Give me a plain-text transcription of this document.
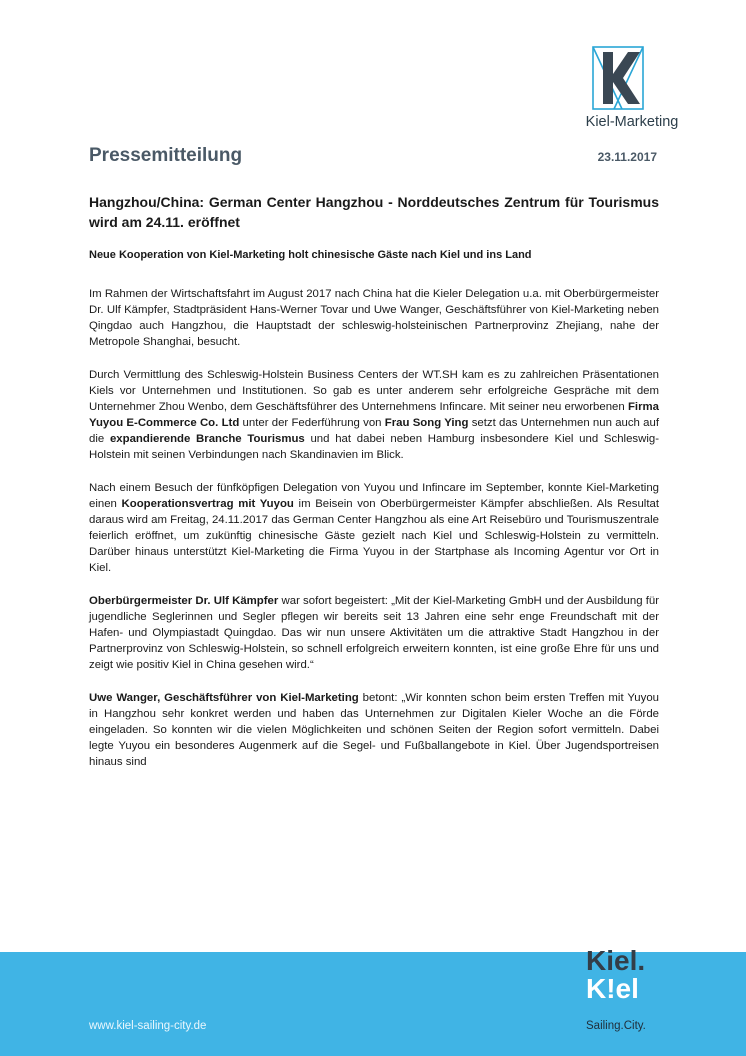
Kiel-Marketing
Pressemitteilung	23.11.2017
Hangzhou/China: German Center Hangzhou - Norddeutsches Zentrum für Tourismus wird am 24.11. eröffnet
Neue Kooperation von Kiel-Marketing holt chinesische Gäste nach Kiel und ins Land

Im Rahmen der Wirtschaftsfahrt im August 2017 nach China hat die Kieler Delegation u.a. mit Oberbürgermeister Dr. Ulf Kämpfer, Stadtpräsident Hans-Werner Tovar und Uwe Wanger, Geschäftsführer von Kiel-Marketing neben Qingdao auch Hangzhou, die Hauptstadt der schleswig-holsteinischen Partnerprovinz Zhejiang, nahe der Metropole Shanghai, besucht.

Durch Vermittlung des Schleswig-Holstein Business Centers der WT.SH kam es zu zahlreichen Präsentationen Kiels vor Unternehmen und Institutionen. So gab es unter anderem sehr erfolgreiche Gespräche mit dem Unternehmer Zhou Wenbo, dem Geschäftsführer des Unternehmens Infincare. Mit seiner neu erworbenen Firma Yuyou E-Commerce Co. Ltd unter der Federführung von Frau Song Ying setzt das Unternehmen nun auch auf die expandierende Branche Tourismus und hat dabei neben Hamburg insbesondere Kiel und Schleswig-Holstein mit seinen Verbindungen nach Skandinavien im Blick.

Nach einem Besuch der fünfköpfigen Delegation von Yuyou und Infincare im September, konnte Kiel-Marketing einen Kooperationsvertrag mit Yuyou im Beisein von Oberbürgermeister Kämpfer abschließen. Als Resultat daraus wird am Freitag, 24.11.2017 das German Center Hangzhou als eine Art Reisebüro und Tourismuszentrale feierlich eröffnet, um zukünftig chinesische Gäste gezielt nach Kiel und Schleswig-Holstein zu vermitteln. Darüber hinaus unterstützt Kiel-Marketing die Firma Yuyou in der Startphase als Incoming Agentur vor Ort in Kiel.

Oberbürgermeister Dr. Ulf Kämpfer war sofort begeistert: „Mit der Kiel-Marketing GmbH und der Ausbildung für jugendliche Seglerinnen und Segler pflegen wir bereits seit 13 Jahren eine sehr enge Freundschaft mit der Hafen- und Olympiastadt Quingdao. Das wir nun unsere Aktivitäten um die attraktive Stadt Hangzhou in der Partnerprovinz von Schleswig-Holstein, so schnell erfolgreich erweitern konnten, ist eine große Ehre für uns und zeigt wie positiv Kiel in China gesehen wird.“

Uwe Wanger, Geschäftsführer von Kiel-Marketing betont: „Wir konnten schon beim ersten Treffen mit Yuyou in Hangzhou sehr konkret werden und haben das Unternehmen zur Digitalen Kieler Woche an die Förde eingeladen. So konnten wir die vielen Möglichkeiten und schönen Seiten der Region sofort vermitteln. Dabei legte Yuyou ein besonderes Augenmerk auf die Segel- und Fußballangebote in Kiel. Über Jugendsportreisen hinaus sind

www.kiel-sailing-city.de
Kiel.
K!el
Sailing.City.
